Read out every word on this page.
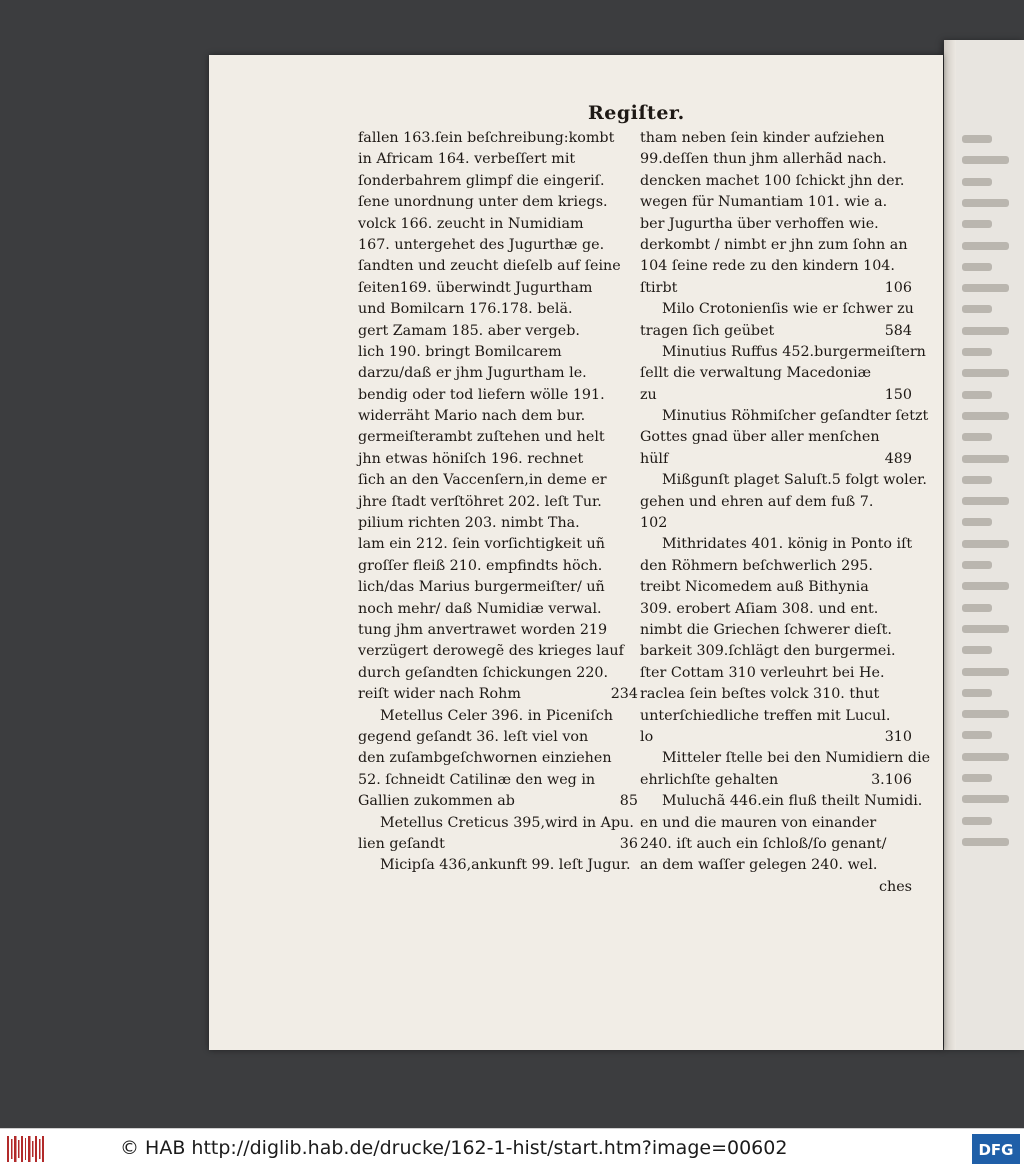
Regiſter.
fallen 163.ſein beſchreibung:kombt
in Africam 164. verbeſſert mit
ſonderbahrem glimpf die eingeriſ.
ſene unordnung unter dem kriegs.
volck 166. zeucht in Numidiam
167. untergehet des Jugurthæ ge.
ſandten und zeucht dieſelb auf ſeine
ſeiten169. überwindt Jugurtham
und Bomilcarn 176.178. belä.
gert Zamam 185. aber vergeb.
lich 190. bringt Bomilcarem
darzu/daß er jhm Jugurtham le.
bendig oder tod liefern wölle 191.
widerräht Mario nach dem bur.
germeiſterambt zuſtehen und helt
jhn etwas höniſch 196. rechnet
ſich an den Vaccenſern,in deme er
jhre ſtadt verſtöhret 202. leſt Tur.
pilium richten 203. nimbt Tha.
lam ein 212. ſein vorſichtigkeit uñ
groſſer fleiß 210. empfindts höch.
lich/das Marius burgermeiſter/ uñ
noch mehr/ daß Numidiæ verwal.
tung jhm anvertrawet worden 219
verzügert derowegẽ des krieges lauf
durch geſandten ſchickungen 220.
reiſt wider nach Rohm	234
Metellus Celer 396. in Piceniſch
gegend geſandt 36. leſt viel von
den zuſambgeſchwornen einziehen
52. ſchneidt Catilinæ den weg in
Gallien zukommen ab	85
Metellus Creticus 395,wird in Apu.
lien geſandt	36
Micipſa 436,ankunft 99. leſt Jugur.
tham neben ſein kinder aufziehen
99.deſſen thun jhm allerhãd nach.
dencken machet 100 ſchickt jhn der.
wegen für Numantiam 101. wie a.
ber Jugurtha über verhoffen wie.
derkombt / nimbt er jhn zum ſohn an
104 ſeine rede zu den kindern 104.
ſtirbt	106
Milo Crotonienſis wie er ſchwer zu
tragen ſich geübet	584
Minutius Ruffus 452.burgermeiſtern
ſellt die verwaltung Macedoniæ
zu	150
Minutius Röhmiſcher geſandter ſetzt
Gottes gnad über aller menſchen
hülf	489
Mißgunſt plaget Saluſt.5 folgt woler.
gehen und ehren auf dem fuß 7.
102
Mithridates 401. könig in Ponto iſt
den Röhmern beſchwerlich 295.
treibt Nicomedem auß Bithynia
309. erobert Aſiam 308. und ent.
nimbt die Griechen ſchwerer dieſt.
barkeit 309.ſchlägt den burgermei.
ſter Cottam 310 verleuhrt bei He.
raclea ſein beſtes volck 310. thut
unterſchiedliche treffen mit Lucul.
lo	310
Mitteler ſtelle bei den Numidiern die
ehrlichſte gehalten	3.106
Muluchã 446.ein fluß theilt Numidi.
en und die mauren von einander
240. iſt auch ein ſchloß/ſo genant/
an dem waſſer gelegen 240. wel.
ches
© HAB http://diglib.hab.de/drucke/162-1-hist/start.htm?image=00602	DFG
